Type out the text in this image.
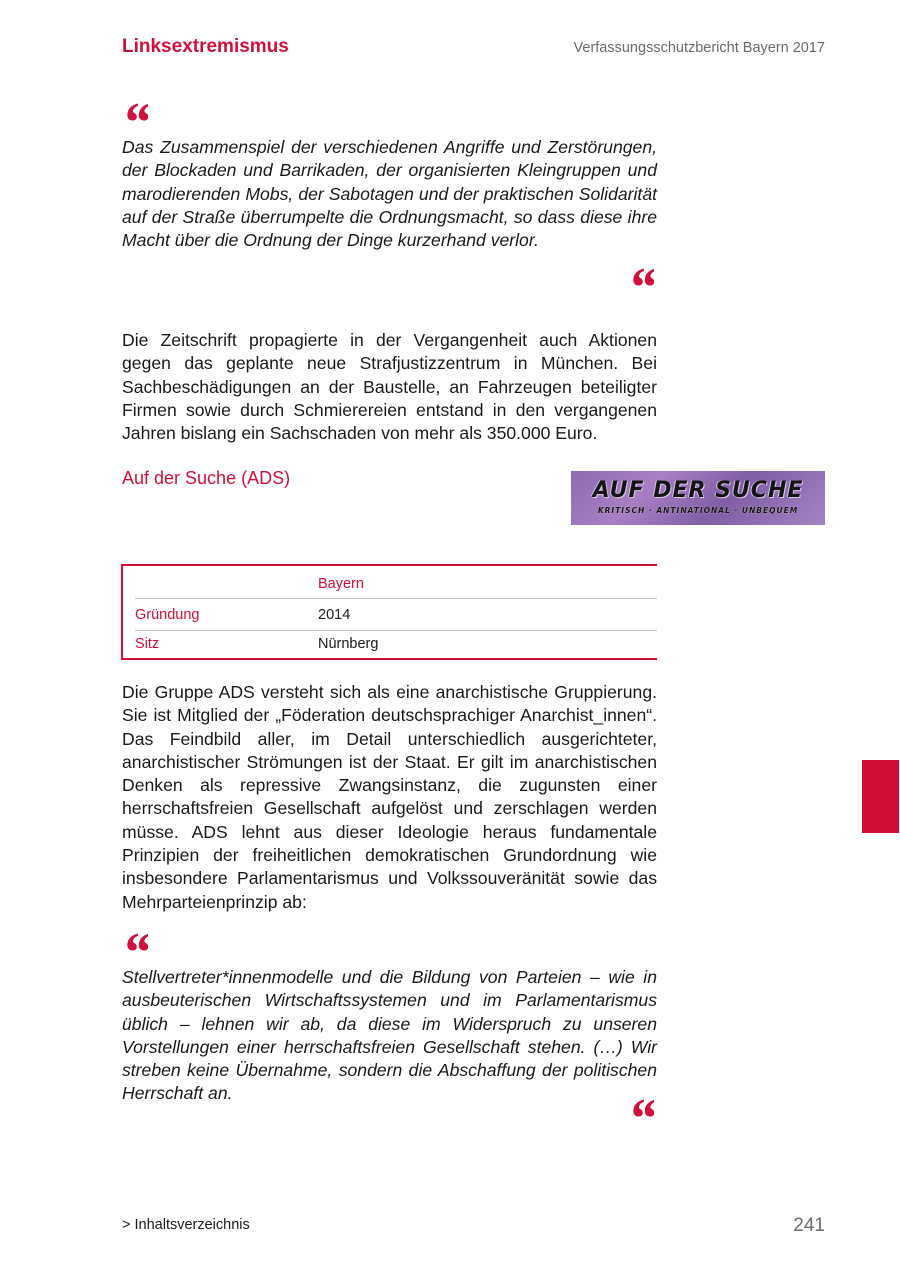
Linksextremismus	Verfassungsschutzbericht Bayern 2017
“

Das Zusammenspiel der verschiedenen Angriffe und Zerstörungen, der Blockaden und Barrikaden, der organisierten Kleingruppen und marodierenden Mobs, der Sabotagen und der praktischen Solidarität auf der Straße überrumpelte die Ordnungsmacht, so dass diese ihre Macht über die Ordnung der Dinge kurzerhand verlor.

“

Die Zeitschrift propagierte in der Vergangenheit auch Aktionen gegen das geplante neue Strafjustizzentrum in München. Bei Sachbeschädigungen an der Baustelle, an Fahrzeugen beteiligter Firmen sowie durch Schmierereien entstand in den vergangenen Jahren bislang ein Sachschaden von mehr als 350.000 Euro.

Auf der Suche (ADS)	AUF DER SUCHE
KRITISCH · ANTINATIONAL · UNBEQUEM
Bayern
Gründung	2014
Sitz	Nürnberg

Die Gruppe ADS versteht sich als eine anarchistische Gruppierung. Sie ist Mitglied der „Föderation deutschsprachiger Anarchist_innen“. Das Feindbild aller, im Detail unterschiedlich ausgerichteter, anarchistischer Strömungen ist der Staat. Er gilt im anarchistischen Denken als repressive Zwangsinstanz, die zugunsten einer herrschaftsfreien Gesellschaft aufgelöst und zerschlagen werden müsse. ADS lehnt aus dieser Ideologie heraus fundamentale Prinzipien der freiheitlichen demokratischen Grundordnung wie insbesondere Parlamentarismus und Volkssouveränität sowie das Mehrparteienprinzip ab:

“

Stellvertreter*innenmodelle und die Bildung von Parteien – wie in ausbeuterischen Wirtschaftssystemen und im Parlamentarismus üblich – lehnen wir ab, da diese im Widerspruch zu unseren Vorstellungen einer herrschaftsfreien Gesellschaft stehen. (…) Wir streben keine Übernahme, sondern die Abschaffung der politischen Herrschaft an.	“
> Inhaltsverzeichnis	241
